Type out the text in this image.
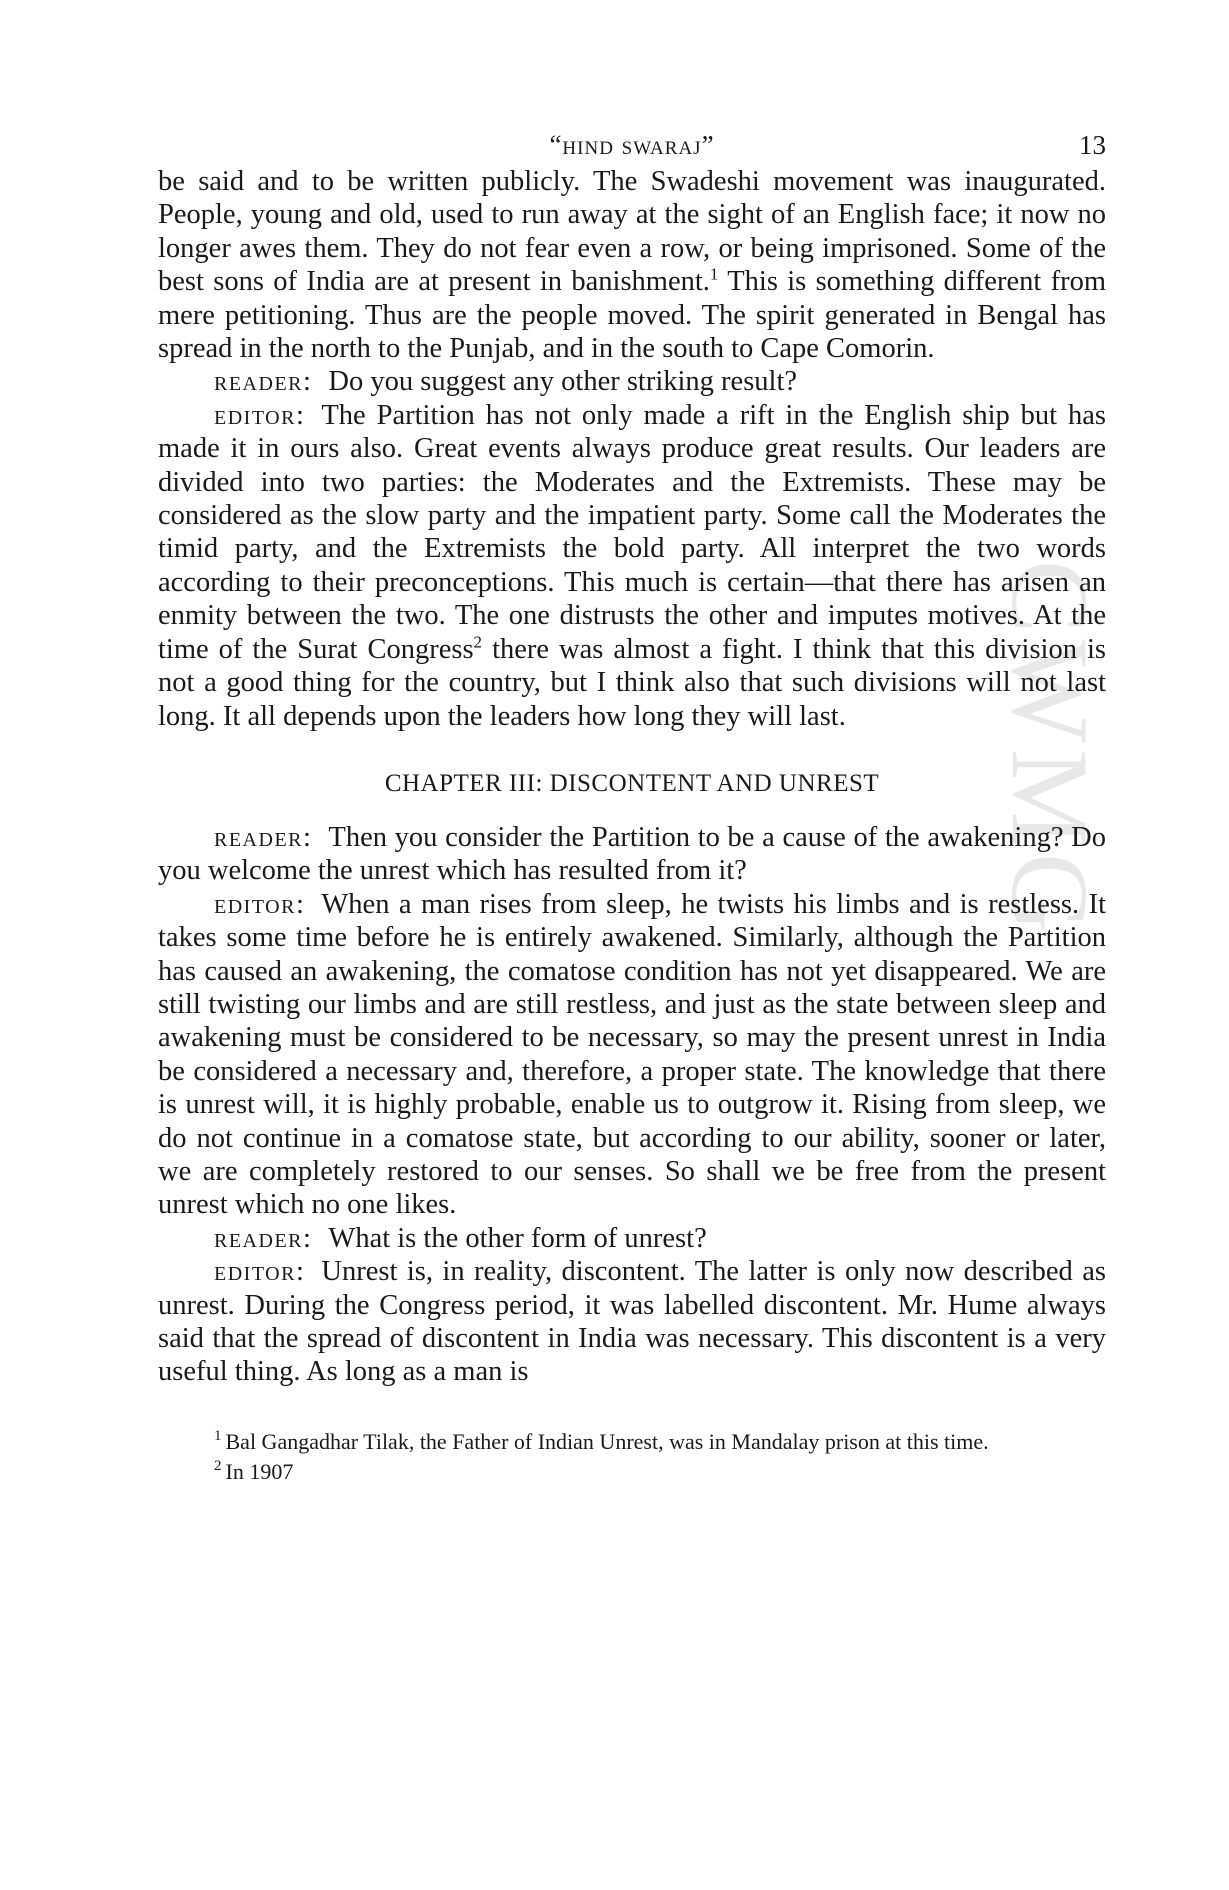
CWMG
“hind swaraj”	13

be said and to be written publicly. The Swadeshi movement was inaugurated. People, young and old, used to run away at the sight of an English face; it now no longer awes them. They do not fear even a row, or being imprisoned. Some of the best sons of India are at present in banishment.$^1$ This is something different from mere petitioning. Thus are the people moved. The spirit generated in Bengal has spread in the north to the Punjab, and in the south to Cape Comorin.

reader: Do you suggest any other striking result?

editor: The Partition has not only made a rift in the English ship but has made it in ours also. Great events always produce great results. Our leaders are divided into two parties: the Moderates and the Extremists. These may be considered as the slow party and the impatient party. Some call the Moderates the timid party, and the Extremists the bold party. All interpret the two words according to their preconceptions. This much is certain—that there has arisen an enmity between the two. The one distrusts the other and imputes motives. At the time of the Surat Congress$^2$ there was almost a fight. I think that this division is not a good thing for the country, but I think also that such divisions will not last long. It all depends upon the leaders how long they will last.

CHAPTER III: DISCONTENT AND UNREST

reader: Then you consider the Partition to be a cause of the awakening? Do you welcome the unrest which has resulted from it?

editor: When a man rises from sleep, he twists his limbs and is restless. It takes some time before he is entirely awakened. Similarly, although the Partition has caused an awakening, the comatose condition has not yet disappeared. We are still twisting our limbs and are still restless, and just as the state between sleep and awakening must be considered to be necessary, so may the present unrest in India be considered a necessary and, therefore, a proper state. The knowledge that there is unrest will, it is highly probable, enable us to outgrow it. Rising from sleep, we do not continue in a comatose state, but according to our ability, sooner or later, we are completely restored to our senses. So shall we be free from the present unrest which no one likes.

reader: What is the other form of unrest?

editor: Unrest is, in reality, discontent. The latter is only now described as unrest. During the Congress period, it was labelled discontent. Mr. Hume always said that the spread of discontent in India was necessary. This discontent is a very useful thing. As long as a man is

$^1$ Bal Gangadhar Tilak, the Father of Indian Unrest, was in Mandalay prison at this time.

$^2$ In 1907
